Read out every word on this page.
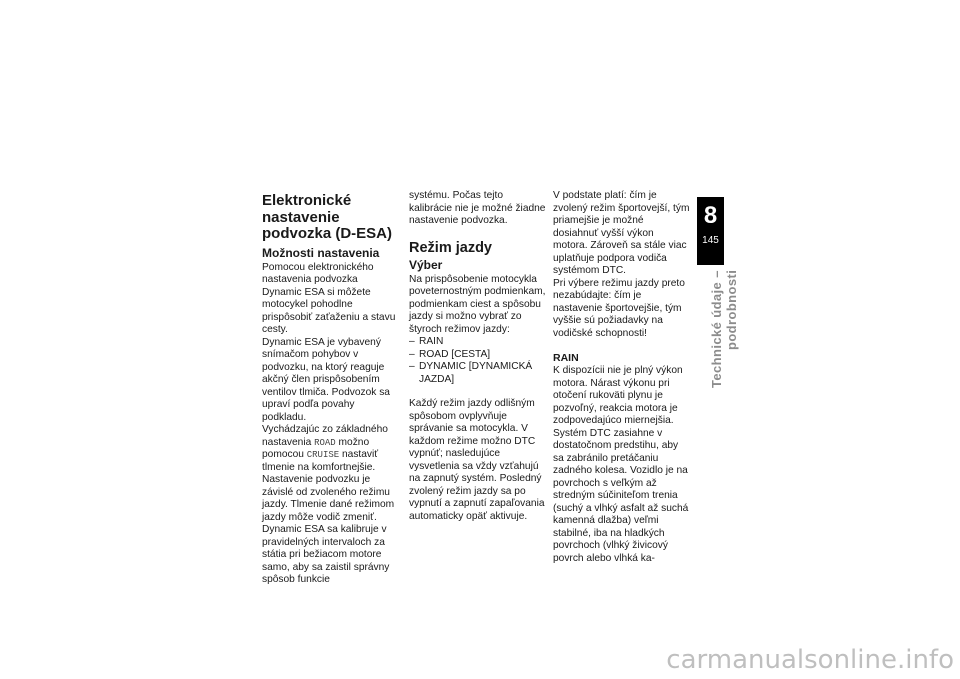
Elektronické nastavenie podvozka (D-ESA)
Možnosti nastavenia

Pomocou elektronického nastavenia podvozka Dynamic ESA si môžete motocykel pohodlne prispôsobiť zaťaženiu a stavu cesty.

Dynamic ESA je vybavený snímačom pohybov v podvozku, na ktorý reaguje akčný člen prispôsobením ventilov tlmiča. Podvozok sa upraví podľa povahy podkladu.

Vychádzajúc zo základného nastavenia ROAD možno pomocou CRUISE nastaviť tlmenie na komfortnejšie.

Nastavenie podvozku je závislé od zvoleného režimu jazdy. Tlmenie dané režimom jazdy môže vodič zmeniť.

Dynamic ESA sa kalibruje v pravidelných intervaloch za státia pri bežiacom motore samo, aby sa zaistil správny spôsob funkcie

systému. Počas tejto kalibrácie nie je možné žiadne nastavenie podvozka.

Režim jazdy
Výber

Na prispôsobenie motocykla poveternostným podmienkam, podmienkam ciest a spôsobu jazdy si možno vybrať zo štyroch režimov jazdy:

– RAIN
– ROAD [CESTA]
– DYNAMIC [DYNAMICKÁ JAZDA]

Každý režim jazdy odlišným spôsobom ovplyvňuje správanie sa motocykla. V každom režime možno DTC vypnúť; nasledujúce vysvetlenia sa vždy vzťahujú na zapnutý systém. Posledný zvolený režim jazdy sa po vypnutí a zapnutí zapaľovania automaticky opäť aktivuje.

V podstate platí: čím je zvolený režim športovejší, tým priamejšie je možné dosiahnuť vyšší výkon motora. Zároveň sa stále viac uplatňuje podpora vodiča systémom DTC.

Pri výbere režimu jazdy preto nezabúdajte: čím je nastavenie športovejšie, tým vyššie sú požiadavky na vodičské schopnosti!

RAIN

K dispozícii nie je plný výkon motora. Nárast výkonu pri otočení rukoväti plynu je pozvoľný, reakcia motora je zodpovedajúco miernejšia.

Systém DTC zasiahne v dostatočnom predstihu, aby sa zabránilo pretáčaniu zadného kolesa. Vozidlo je na povrchoch s veľkým až stredným súčiniteľom trenia (suchý a vlhký asfalt až suchá kamenná dlažba) veľmi stabilné, iba na hladkých povrchoch (vlhký živicový povrch alebo vlhká ka-

8
145
Technické údaje – podrobnosti
carmanualsonline.info
